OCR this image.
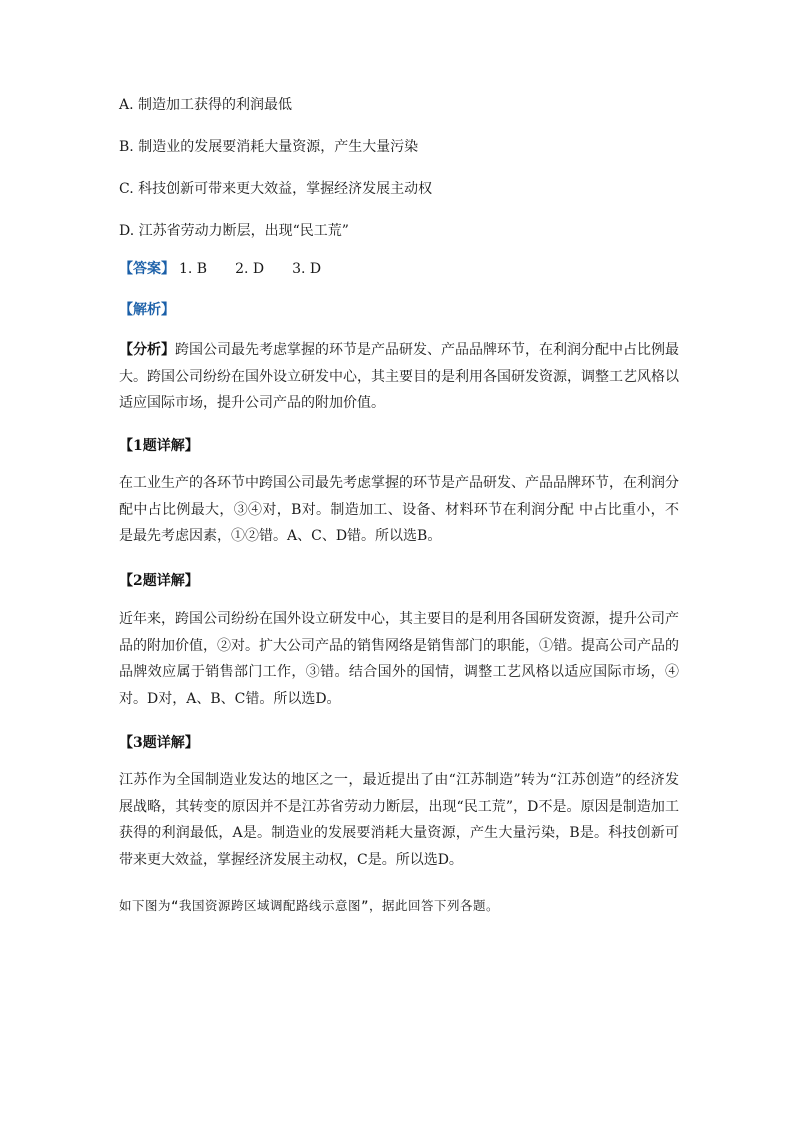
A. 制造加工获得的利润最低
B. 制造业的发展要消耗大量资源，产生大量污染
C. 科技创新可带来更大效益，掌握经济发展主动权
D. 江苏省劳动力断层，出现“民工荒”
【答案】 1. B　　2. D　　3. D
【解析】
【分析】跨国公司最先考虑掌握的环节是产品研发、产品品牌环节，在利润分配中占比例最大。跨国公司纷纷在国外设立研发中心，其主要目的是利用各国研发资源，调整工艺风格以适应国际市场，提升公司产品的附加价值。
【1题详解】
在工业生产的各环节中跨国公司最先考虑掌握的环节是产品研发、产品品牌环节，在利润分配中占比例最大，③④对，B对。制造加工、设备、材料环节在利润分配 中占比重小，不是最先考虑因素，①②错。A、C、D错。所以选B。
【2题详解】
近年来，跨国公司纷纷在国外设立研发中心，其主要目的是利用各国研发资源，提升公司产品的附加价值，②对。扩大公司产品的销售网络是销售部门的职能，①错。提高公司产品的品牌效应属于销售部门工作，③错。结合国外的国情，调整工艺风格以适应国际市场，④对。D对，A、B、C错。所以选D。
【3题详解】
江苏作为全国制造业发达的地区之一，最近提出了由“江苏制造”转为“江苏创造”的经济发展战略，其转变的原因并不是江苏省劳动力断层，出现“民工荒”，D不是。原因是制造加工获得的利润最低，A是。制造业的发展要消耗大量资源，产生大量污染，B是。科技创新可带来更大效益，掌握经济发展主动权，C是。所以选D。
如下图为“我国资源跨区域调配路线示意图”，据此回答下列各题。
